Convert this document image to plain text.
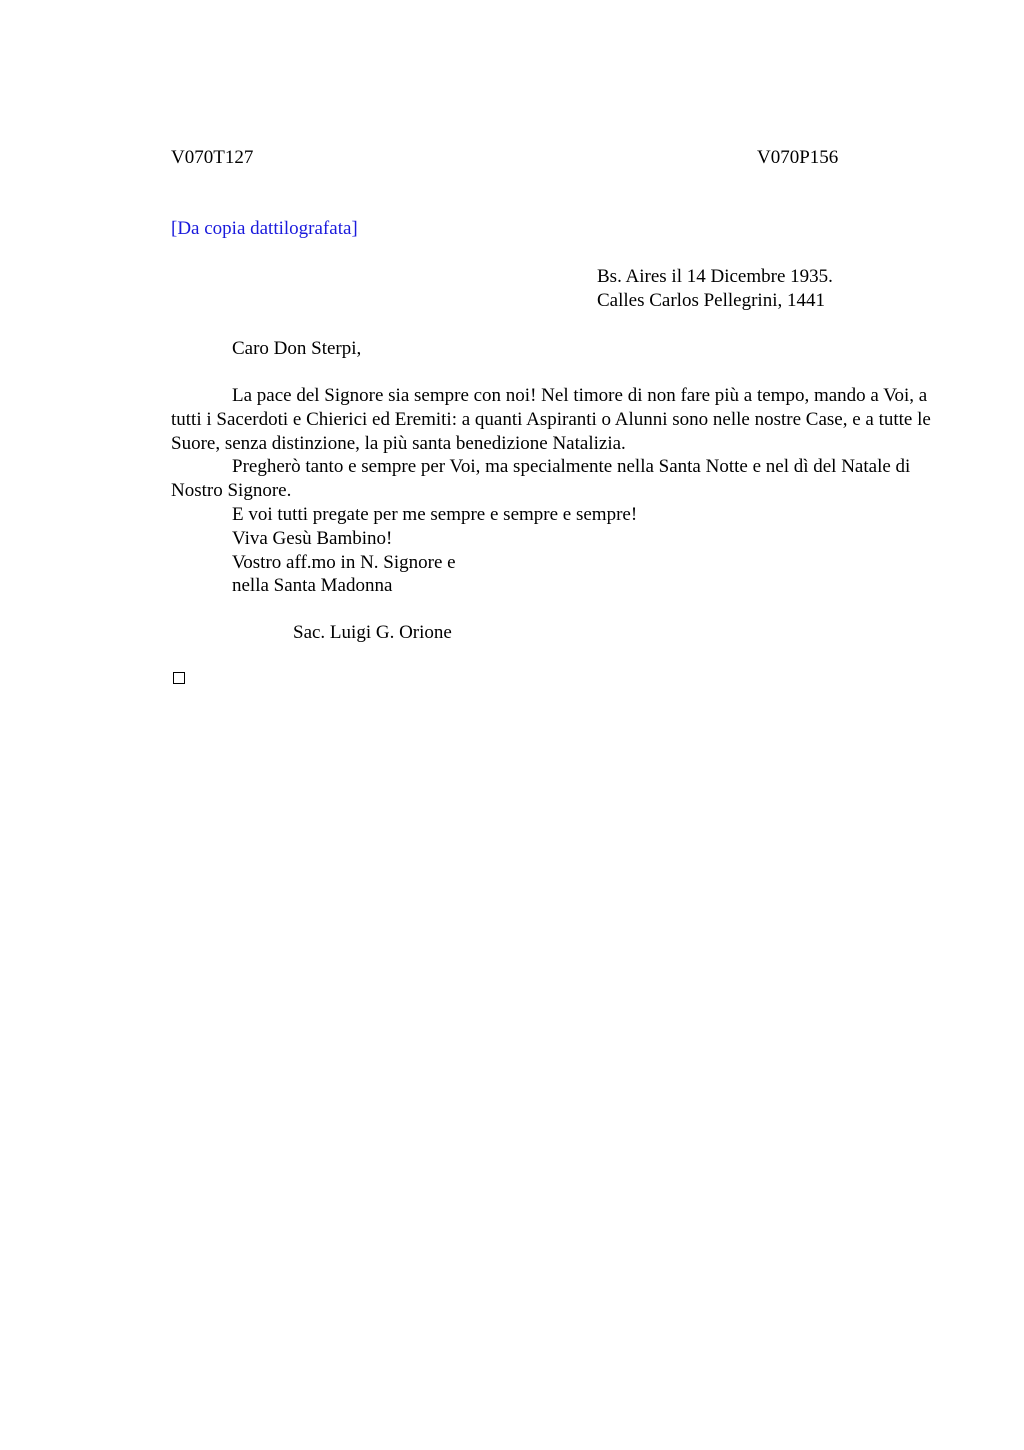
V070T127	V070P156
[Da copia dattilografata]
Bs. Aires il 14 Dicembre 1935.
Calles Carlos Pellegrini, 1441
Caro Don Sterpi,

La pace del Signore sia sempre con noi! Nel timore di non fare più a tempo, mando a Voi, a tutti i Sacerdoti e Chierici ed Eremiti: a quanti Aspiranti o Alunni sono nelle nostre Case, e a tutte le Suore, senza distinzione, la più santa benedizione Natalizia.

Pregherò tanto e sempre per Voi, ma specialmente nella Santa Notte e nel dì del Natale di Nostro Signore.

E voi tutti pregate per me sempre e sempre e sempre!

Viva Gesù Bambino!

Vostro aff.mo in N. Signore e

nella Santa Madonna

Sac. Luigi G. Orione
